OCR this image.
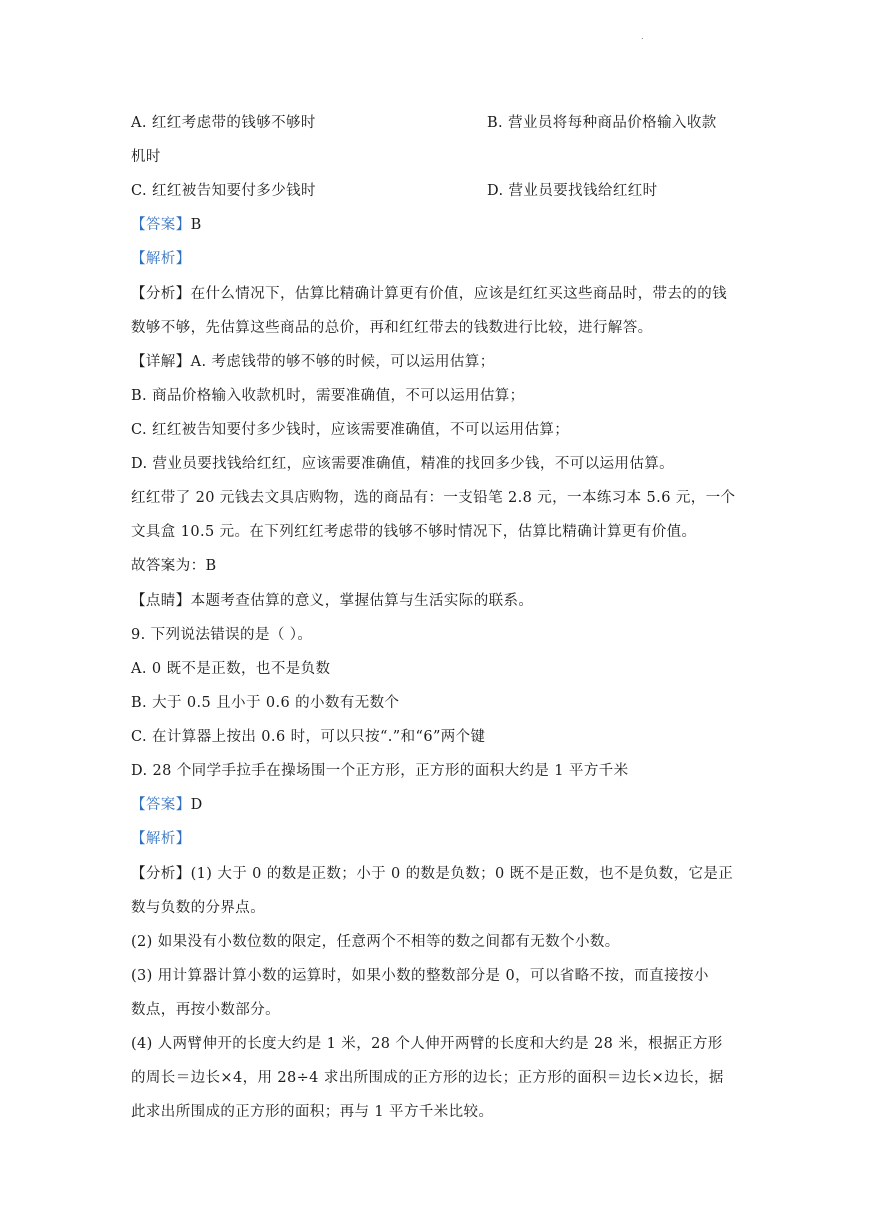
.
A. 红红考虑带的钱够不够时	B. 营业员将每种商品价格输入收款
机时
C. 红红被告知要付多少钱时	D. 营业员要找钱给红红时
【答案】B
【解析】
【分析】在什么情况下，估算比精确计算更有价值，应该是红红买这些商品时，带去的的钱
数够不够，先估算这些商品的总价，再和红红带去的钱数进行比较，进行解答。
【详解】A. 考虑钱带的够不够的时候，可以运用估算；
B. 商品价格输入收款机时，需要准确值，不可以运用估算；
C. 红红被告知要付多少钱时，应该需要准确值，不可以运用估算；
D. 营业员要找钱给红红，应该需要准确值，精准的找回多少钱，不可以运用估算。
红红带了 20 元钱去文具店购物，选的商品有：一支铅笔 2.8 元，一本练习本 5.6 元，一个
文具盒 10.5 元。在下列红红考虑带的钱够不够时情况下，估算比精确计算更有价值。
故答案为：B
【点睛】本题考查估算的意义，掌握估算与生活实际的联系。
9. 下列说法错误的是（ ）。
A. 0 既不是正数，也不是负数
B. 大于 0.5 且小于 0.6 的小数有无数个
C. 在计算器上按出 0.6 时，可以只按“.”和“6”两个键
D. 28 个同学手拉手在操场围一个正方形，正方形的面积大约是 1 平方千米
【答案】D
【解析】
【分析】(1) 大于 0 的数是正数；小于 0 的数是负数；0 既不是正数，也不是负数，它是正
数与负数的分界点。
(2) 如果没有小数位数的限定，任意两个不相等的数之间都有无数个小数。
(3) 用计算器计算小数的运算时，如果小数的整数部分是 0，可以省略不按，而直接按小
数点，再按小数部分。
(4) 人两臂伸开的长度大约是 1 米，28 个人伸开两臂的长度和大约是 28 米，根据正方形
的周长＝边长×4，用 28÷4 求出所围成的正方形的边长；正方形的面积＝边长×边长，据
此求出所围成的正方形的面积；再与 1 平方千米比较。
